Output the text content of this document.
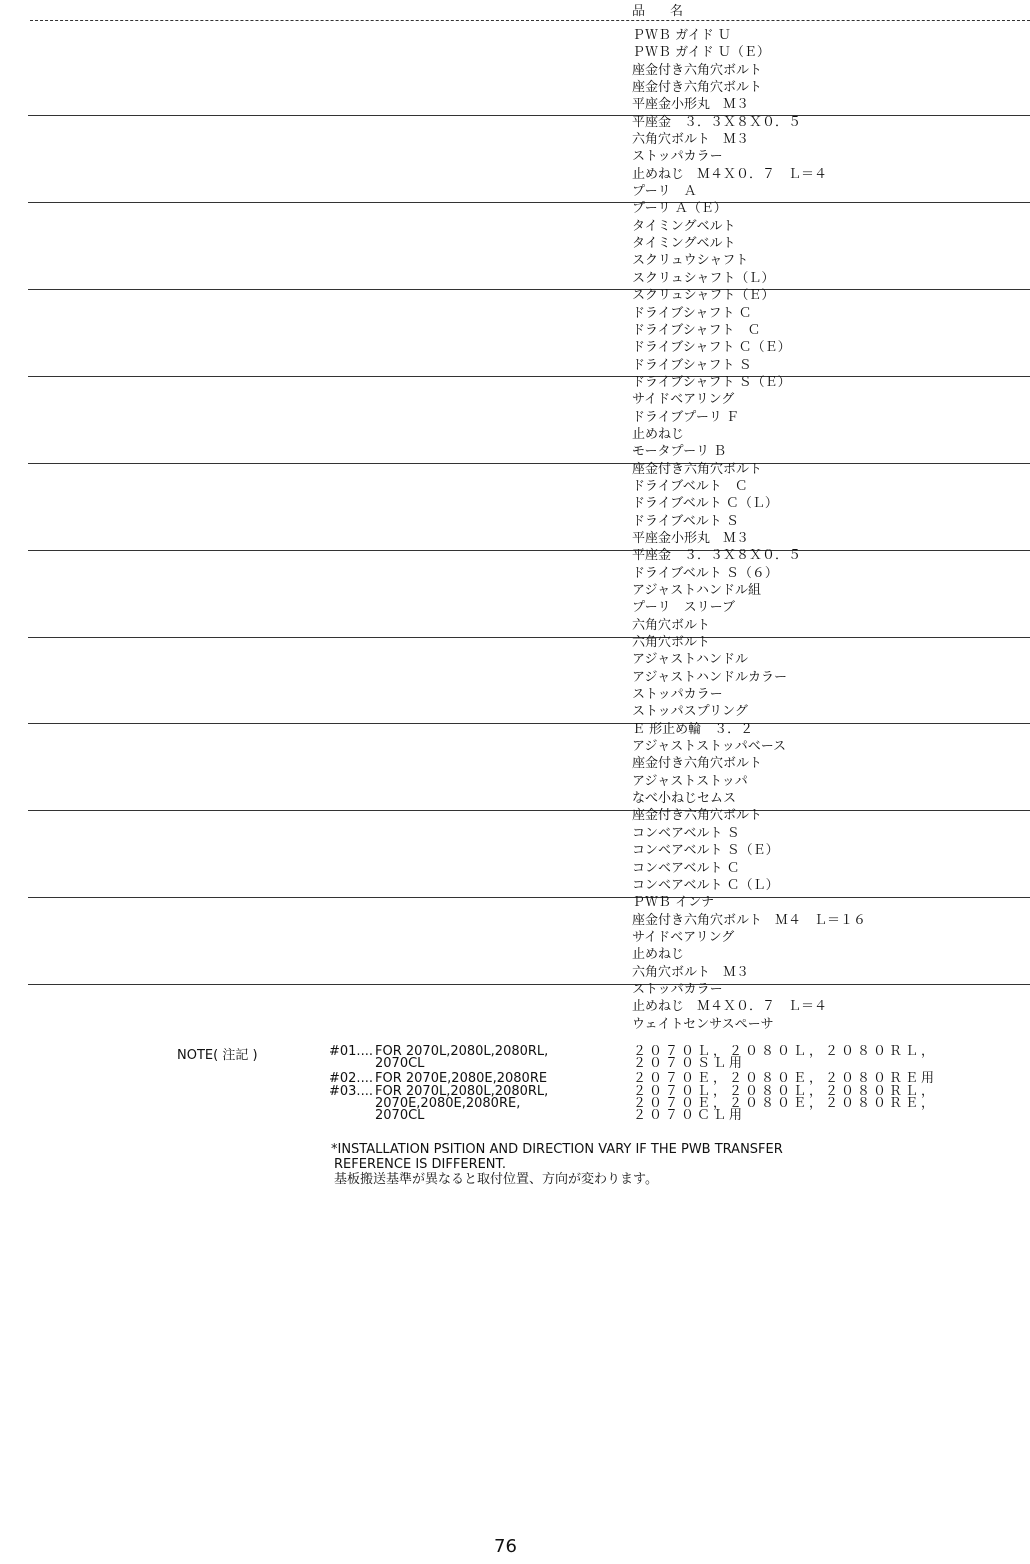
品　名
ＰＷＢ ガイド Ｕ
ＰＷＢ ガイド Ｕ（Ｅ）
座金付き六角穴ボルト
座金付き六角穴ボルト
平座金小形丸　Ｍ３
平座金　３．３Ｘ８Ｘ０．５
六角穴ボルト　Ｍ３
ストッパカラー
止めねじ　Ｍ４Ｘ０．７　Ｌ＝４
プーリ　Ａ
プーリ Ａ（Ｅ）
タイミングベルト
タイミングベルト
スクリュウシャフト
スクリュシャフト（Ｌ）
スクリュシャフト（Ｅ）
ドライブシャフト Ｃ
ドライブシャフト　Ｃ
ドライブシャフト Ｃ（Ｅ）
ドライブシャフト Ｓ
ドライブシャフト Ｓ（Ｅ）
サイドベアリング
ドライブプーリ Ｆ
止めねじ
モータプーリ Ｂ
座金付き六角穴ボルト
ドライブベルト　Ｃ
ドライブベルト Ｃ（Ｌ）
ドライブベルト Ｓ
平座金小形丸　Ｍ３
平座金　３．３Ｘ８Ｘ０．５
ドライブベルト Ｓ（６）
アジャストハンドル組
プーリ　スリーブ
六角穴ボルト
六角穴ボルト
アジャストハンドル
アジャストハンドルカラー
ストッパカラー
ストッパスプリング
Ｅ 形止め輪　３．２
アジャストストッパベース
座金付き六角穴ボルト
アジャストストッパ
なべ小ねじセムス
座金付き六角穴ボルト
コンベアベルト Ｓ
コンベアベルト Ｓ（Ｅ）
コンベアベルト Ｃ
コンベアベルト Ｃ（Ｌ）
ＰＷＢ インナ
座金付き六角穴ボルト　Ｍ４　Ｌ＝１６
サイドベアリング
止めねじ
六角穴ボルト　Ｍ３
ストッパカラー
止めねじ　Ｍ４Ｘ０．７　Ｌ＝４
ウェイトセンサスペーサ
NOTE( 注記 )	#01.... FOR 2070L,2080L,2080RL,
2070CL
#02.... FOR 2070E,2080E,2080RE
#03.... FOR 2070L,2080L,2080RL,
2070E,2080E,2080RE,
2070CL
２０７０Ｌ，２０８０Ｌ，２０８０ＲＬ，
２０７０ＳＬ用
２０７０Ｅ，２０８０Ｅ，２０８０ＲＥ用
２０７０Ｌ，２０８０Ｌ，２０８０ＲＬ，
２０７０Ｅ，２０８０Ｅ，２０８０ＲＥ，
２０７０ＣＬ用
*INSTALLATION PSITION AND DIRECTION VARY IF THE PWB TRANSFER
REFERENCE IS DIFFERENT.
基板搬送基準が異なると取付位置、方向が変わります。
76
